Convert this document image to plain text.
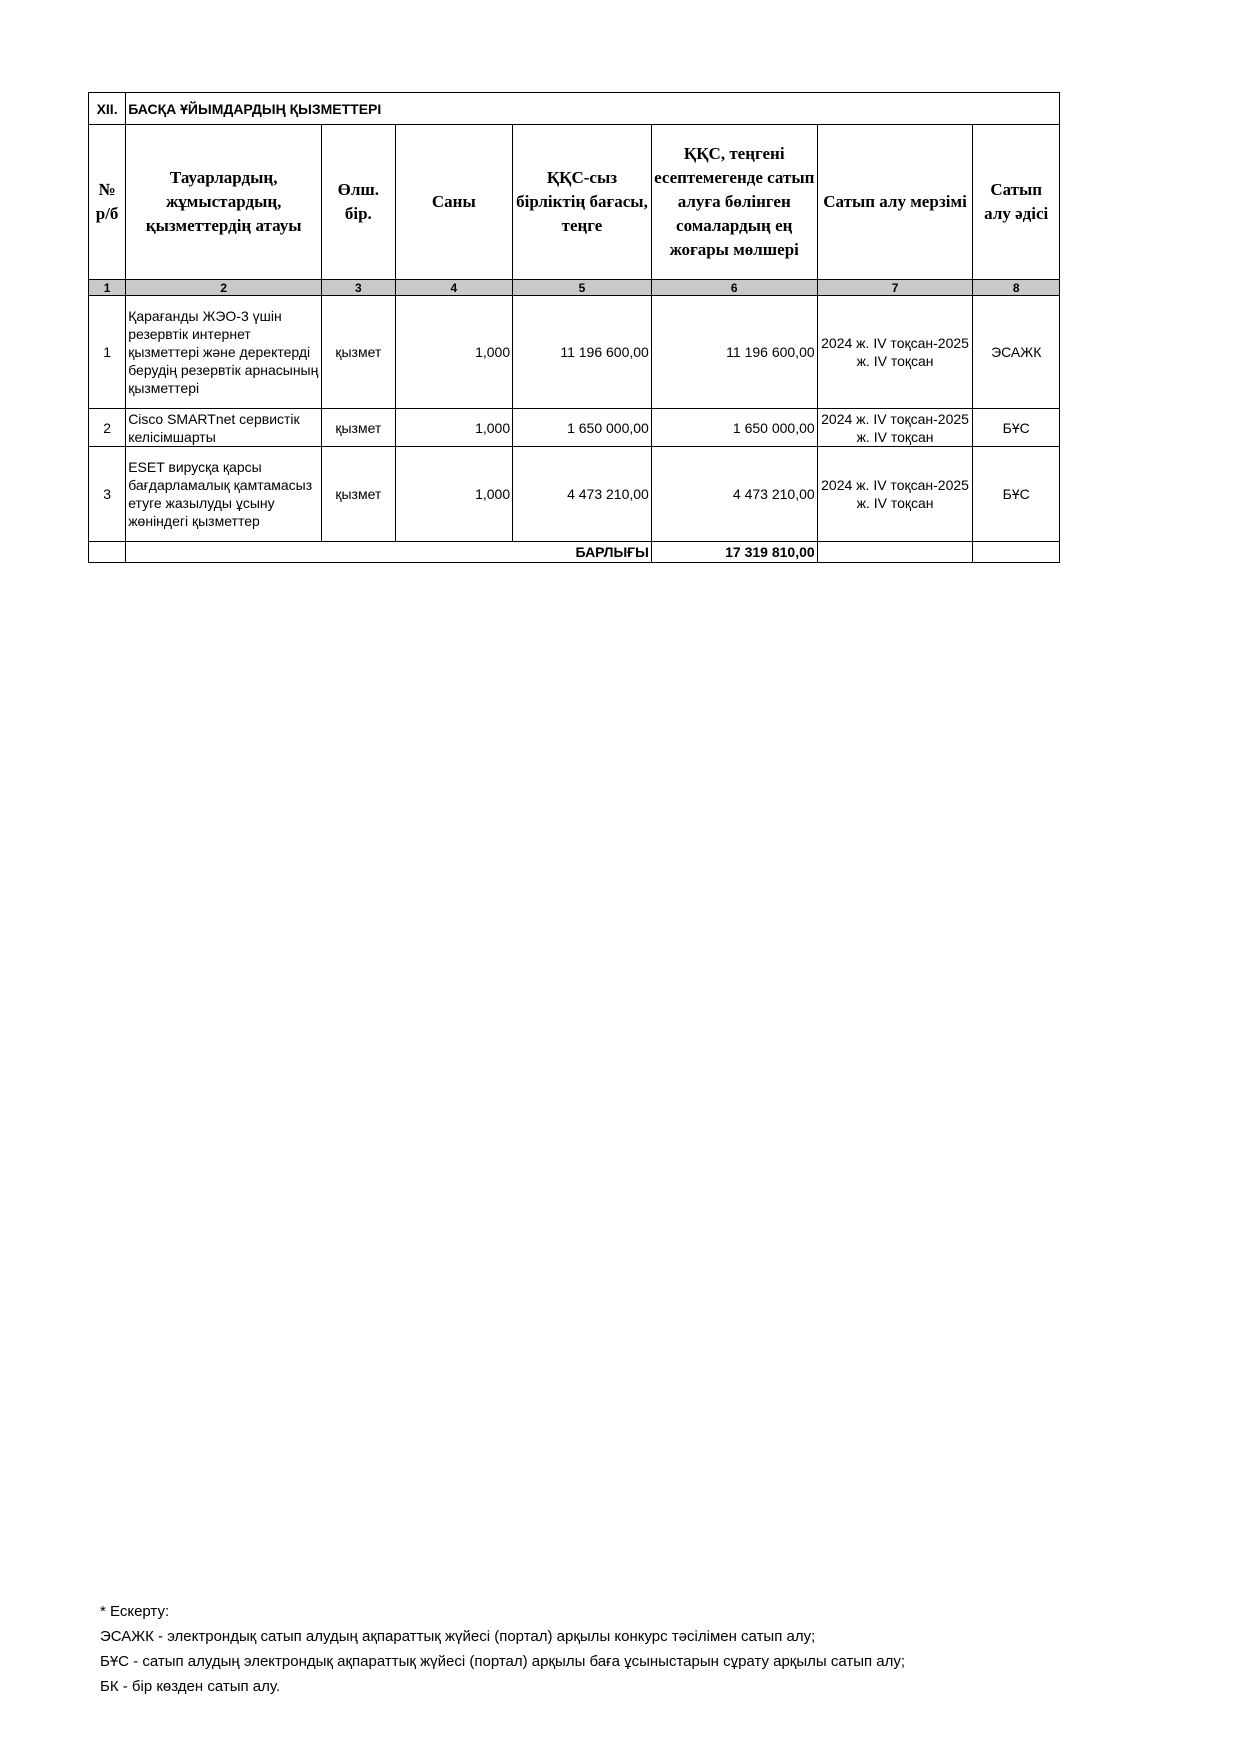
XII.	БАСҚА ҰЙЫМДАРДЫҢ ҚЫЗМЕТТЕРІ						
№ р/б	Тауарлардың, жұмыстардың, қызметтердің атауы	Өлш. бір.	Саны	ҚҚС-сыз бірліктің бағасы, теңге	ҚҚС, теңгені есептемегенде сатып алуға бөлінген сомалардың ең жоғары мөлшері	Сатып алу мерзімі	Сатып алу әдісі
1	2	3	4	5	6	7	8
1	Қарағанды ЖЭО-3 үшін резервтік интернет қызметтері және деректерді берудің резервтік арнасының қызметтері	қызмет	1,000	11 196 600,00	11 196 600,00	2024 ж. IV тоқсан-2025 ж. IV тоқсан	ЭСАЖК
2	Cisco SMARTnet сервистік келісімшарты	қызмет	1,000	1 650 000,00	1 650 000,00	2024 ж. IV тоқсан-2025 ж. IV тоқсан	БҰС
3	ESET вирусқа қарсы бағдарламалық қамтамасыз етуге жазылуды ұсыну жөніндегі қызметтер	қызмет	1,000	4 473 210,00	4 473 210,00	2024 ж. IV тоқсан-2025 ж. IV тоқсан	БҰС
	БАРЛЫҒЫ				17 319 810,00		
* Ескерту:
ЭСАЖК - электрондық сатып алудың ақпараттық жүйесі (портал) арқылы конкурс тәсілімен сатып алу;
БҰС - сатып алудың электрондық ақпараттық жүйесі (портал) арқылы баға ұсыныстарын сұрату арқылы сатып алу;
БК - бір көзден сатып алу.
